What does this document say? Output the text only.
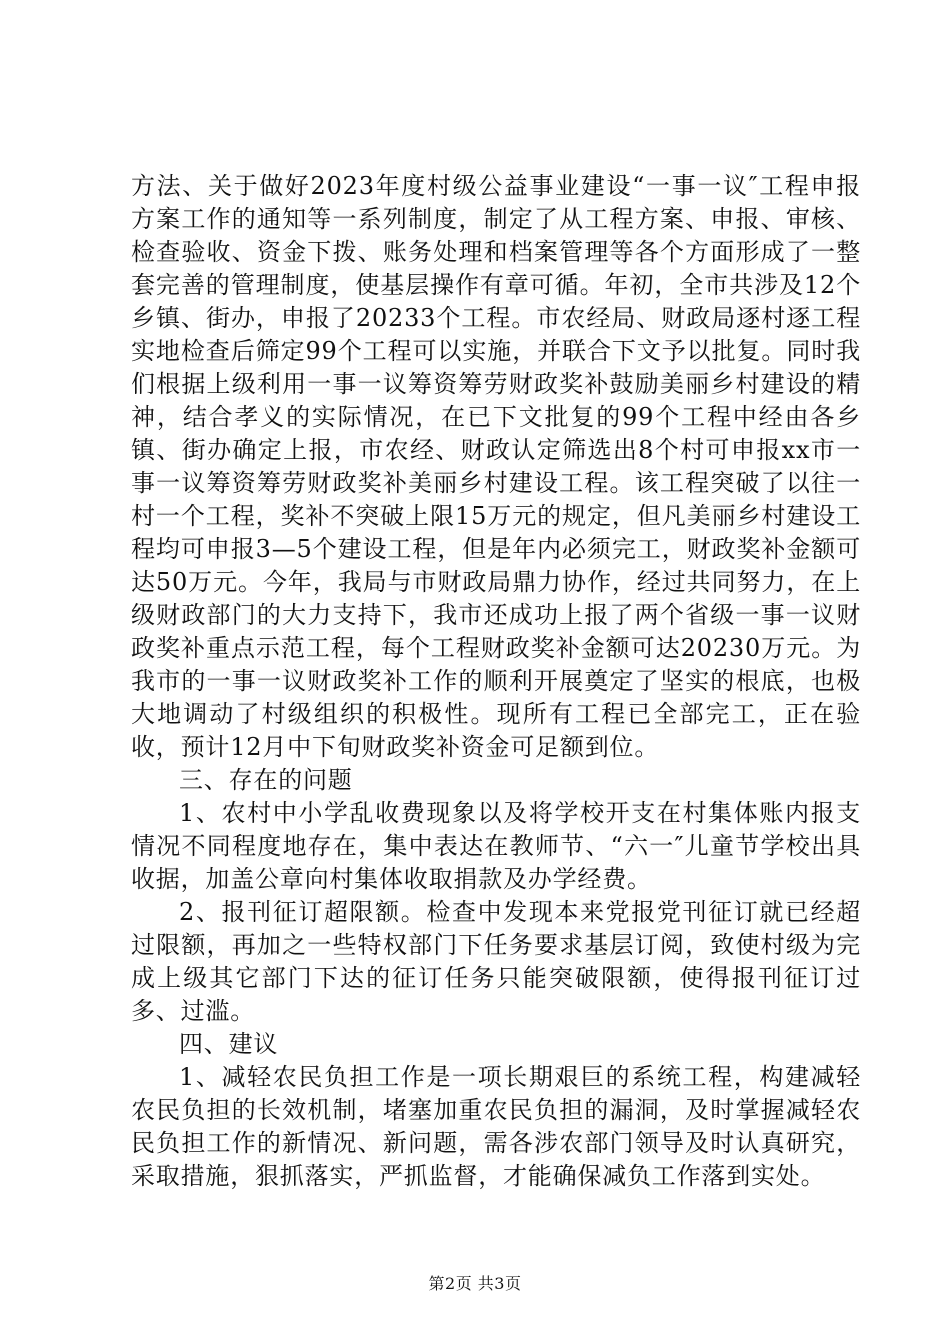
方法、关于做好2023年度村级公益事业建设“一事一议″工程申报方案工作的通知等一系列制度，制定了从工程方案、申报、审核、检查验收、资金下拨、账务处理和档案管理等各个方面形成了一整套完善的管理制度，使基层操作有章可循。年初，全市共涉及12个乡镇、街办，申报了20233个工程。市农经局、财政局逐村逐工程实地检查后筛定99个工程可以实施，并联合下文予以批复。同时我们根据上级利用一事一议筹资筹劳财政奖补鼓励美丽乡村建设的精神，结合孝义的实际情况，在已下文批复的99个工程中经由各乡镇、街办确定上报，市农经、财政认定筛选出8个村可申报xx市一事一议筹资筹劳财政奖补美丽乡村建设工程。该工程突破了以往一村一个工程，奖补不突破上限15万元的规定，但凡美丽乡村建设工程均可申报3—5个建设工程，但是年内必须完工，财政奖补金额可达50万元。今年，我局与市财政局鼎力协作，经过共同努力，在上级财政部门的大力支持下，我市还成功上报了两个省级一事一议财政奖补重点示范工程，每个工程财政奖补金额可达20230万元。为我市的一事一议财政奖补工作的顺利开展奠定了坚实的根底，也极大地调动了村级组织的积极性。现所有工程已全部完工，正在验收，预计12月中下旬财政奖补资金可足额到位。

三、存在的问题

1、农村中小学乱收费现象以及将学校开支在村集体账内报支情况不同程度地存在，集中表达在教师节、“六一″儿童节学校出具收据，加盖公章向村集体收取捐款及办学经费。

2、报刊征订超限额。检查中发现本来党报党刊征订就已经超过限额，再加之一些特权部门下任务要求基层订阅，致使村级为完成上级其它部门下达的征订任务只能突破限额，使得报刊征订过多、过滥。

四、建议

1、减轻农民负担工作是一项长期艰巨的系统工程，构建减轻农民负担的长效机制，堵塞加重农民负担的漏洞，及时掌握减轻农民负担工作的新情况、新问题，需各涉农部门领导及时认真研究，采取措施，狠抓落实，严抓监督，才能确保减负工作落到实处。

第2页 共3页
